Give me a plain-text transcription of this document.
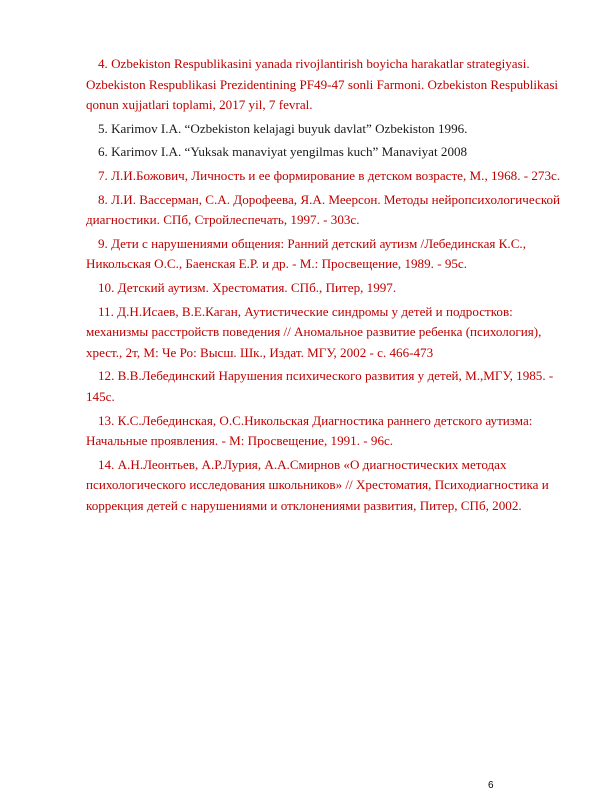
4. Ozbekiston Respublikasini yanada rivojlantirish boyicha harakatlar strategiyasi. Ozbekiston Respublikasi Prezidentining PF49-47 sonli Farmoni. Ozbekiston Respublikasi qonun xujjatlari toplami, 2017 yil, 7 fevral.

5. Karimov I.A. “Ozbekiston kelajagi buyuk davlat” Ozbekiston 1996.

6. Karimov I.A. “Yuksak manaviyat yengilmas kuch” Manaviyat 2008

7. Л.И.Божович, Личность и ее формирование в детском возрасте, М., 1968. - 273с.

8. Л.И. Вассерман, С.А. Дорофеева, Я.А. Меерсон. Методы нейропсихологической диагностики. СПб, Стройлеспечать, 1997. - 303с.

9. Дети с нарушениями общения: Ранний детский аутизм /Лебединская К.С., Никольская О.С., Баенская Е.Р. и др. - М.: Просвещение, 1989. - 95с.

10. Детский аутизм. Хрестоматия. СПб., Питер, 1997.

11. Д.Н.Исаев, В.Е.Каган, Аутистические синдромы у детей и подростков: механизмы расстройств поведения // Аномальное развитие ребенка (психология), хрест., 2т, М: Че Ро: Высш. Шк., Издат. МГУ, 2002 - с. 466-473

12. В.В.Лебединский Нарушения психического развития у детей, М.,МГУ, 1985. - 145с.

13. К.С.Лебединская, О.С.Никольская Диагностика раннего детского аутизма: Начальные проявления. - М: Просвещение, 1991. - 96с.

14. А.Н.Леонтьев, А.Р.Лурия, А.А.Смирнов «О диагностических методах психологического исследования школьников» // Хрестоматия, Психодиагностика и коррекция детей с нарушениями и отклонениями развития, Питер, СПб, 2002.

6
